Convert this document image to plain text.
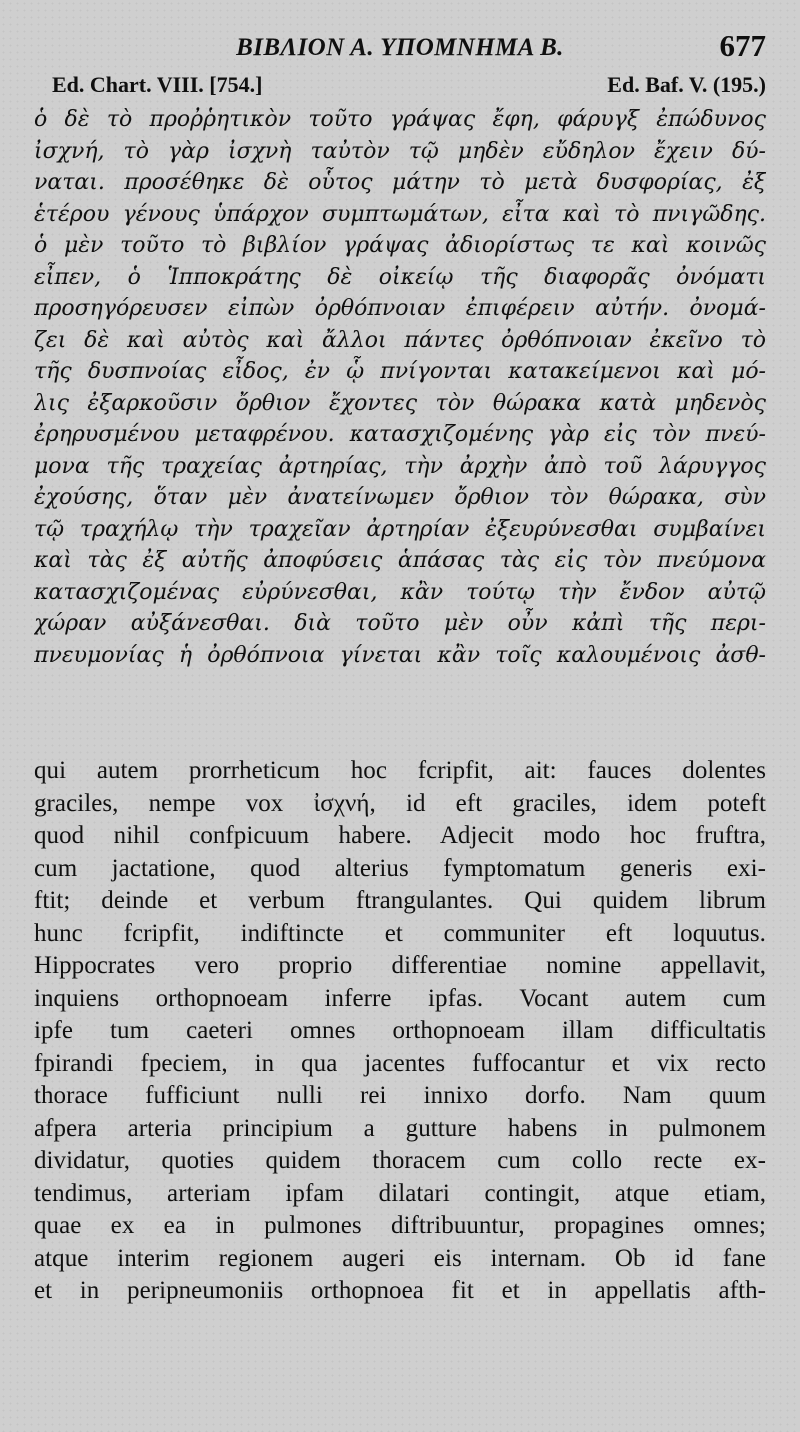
ΒΙΒΛΙΟΝ Α. ΥΠΟΜΝΗΜΑ Β.	677
Ed. Chart. VIII. [754.]	Ed. Baf. V. (195.)
ὁ δὲ τὸ προῤῥητικὸν τοῦτο γράψας ἔφη, φάρυγξ ἐπώδυνος
ἰσχνή, τὸ γὰρ ἰσχνὴ ταὐτὸν τῷ μηδὲν εὔδηλον ἔχειν δύ-
ναται. προσέθηκε δὲ οὗτος μάτην τὸ μετὰ δυσφορίας, ἐξ
ἑτέρου γένους ὑπάρχον συμπτωμάτων, εἶτα καὶ τὸ πνιγῶδης.
ὁ μὲν τοῦτο τὸ βιβλίον γράψας ἀδιορίστως τε καὶ κοινῶς
εἶπεν, ὁ Ἱπποκράτης δὲ οἰκείῳ τῆς διαφορᾶς ὀνόματι
προσηγόρευσεν εἰπὼν ὀρθόπνοιαν ἐπιφέρειν αὐτήν. ὀνομά-
ζει δὲ καὶ αὐτὸς καὶ ἄλλοι πάντες ὀρθόπνοιαν ἐκεῖνο τὸ
τῆς δυσπνοίας εἶδος, ἐν ᾧ πνίγονται κατακείμενοι καὶ μό-
λις ἐξαρκοῦσιν ὄρθιον ἔχοντες τὸν θώρακα κατὰ μηδενὸς
ἐρηρυσμένου μεταφρένου. κατασχιζομένης γὰρ εἰς τὸν πνεύ-
μονα τῆς τραχείας ἀρτηρίας, τὴν ἀρχὴν ἀπὸ τοῦ λάρυγγος
ἐχούσης, ὅταν μὲν ἀνατείνωμεν ὄρθιον τὸν θώρακα, σὺν
τῷ τραχήλῳ τὴν τραχεῖαν ἀρτηρίαν ἐξευρύνεσθαι συμβαίνει
καὶ τὰς ἐξ αὐτῆς ἀποφύσεις ἁπάσας τὰς εἰς τὸν πνεύμονα
κατασχιζομένας εὐρύνεσθαι, κἂν τούτῳ τὴν ἔνδον αὐτῷ
χώραν αὐξάνεσθαι. διὰ τοῦτο μὲν οὖν κἀπὶ τῆς περι-
πνευμονίας ἡ ὀρθόπνοια γίνεται κἂν τοῖς καλουμένοις ἀσθ-
qui autem prorrheticum hoc fcripfit, ait: fauces dolentes
graciles, nempe vox ἰσχνή, id eft graciles, idem poteft
quod nihil confpicuum habere. Adjecit modo hoc fruftra,
cum jactatione, quod alterius fymptomatum generis exi-
ftit; deinde et verbum ftrangulantes. Qui quidem librum
hunc fcripfit, indiftincte et communiter eft loquutus.
Hippocrates vero proprio differentiae nomine appellavit,
inquiens orthopnoeam inferre ipfas. Vocant autem cum
ipfe tum caeteri omnes orthopnoeam illam difficultatis
fpirandi fpeciem, in qua jacentes fuffocantur et vix recto
thorace fufficiunt nulli rei innixo dorfo. Nam quum
afpera arteria principium a gutture habens in pulmonem
dividatur, quoties quidem thoracem cum collo recte ex-
tendimus, arteriam ipfam dilatari contingit, atque etiam,
quae ex ea in pulmones diftribuuntur, propagines omnes;
atque interim regionem augeri eis internam. Ob id fane
et in peripneumoniis orthopnoea fit et in appellatis afth-
